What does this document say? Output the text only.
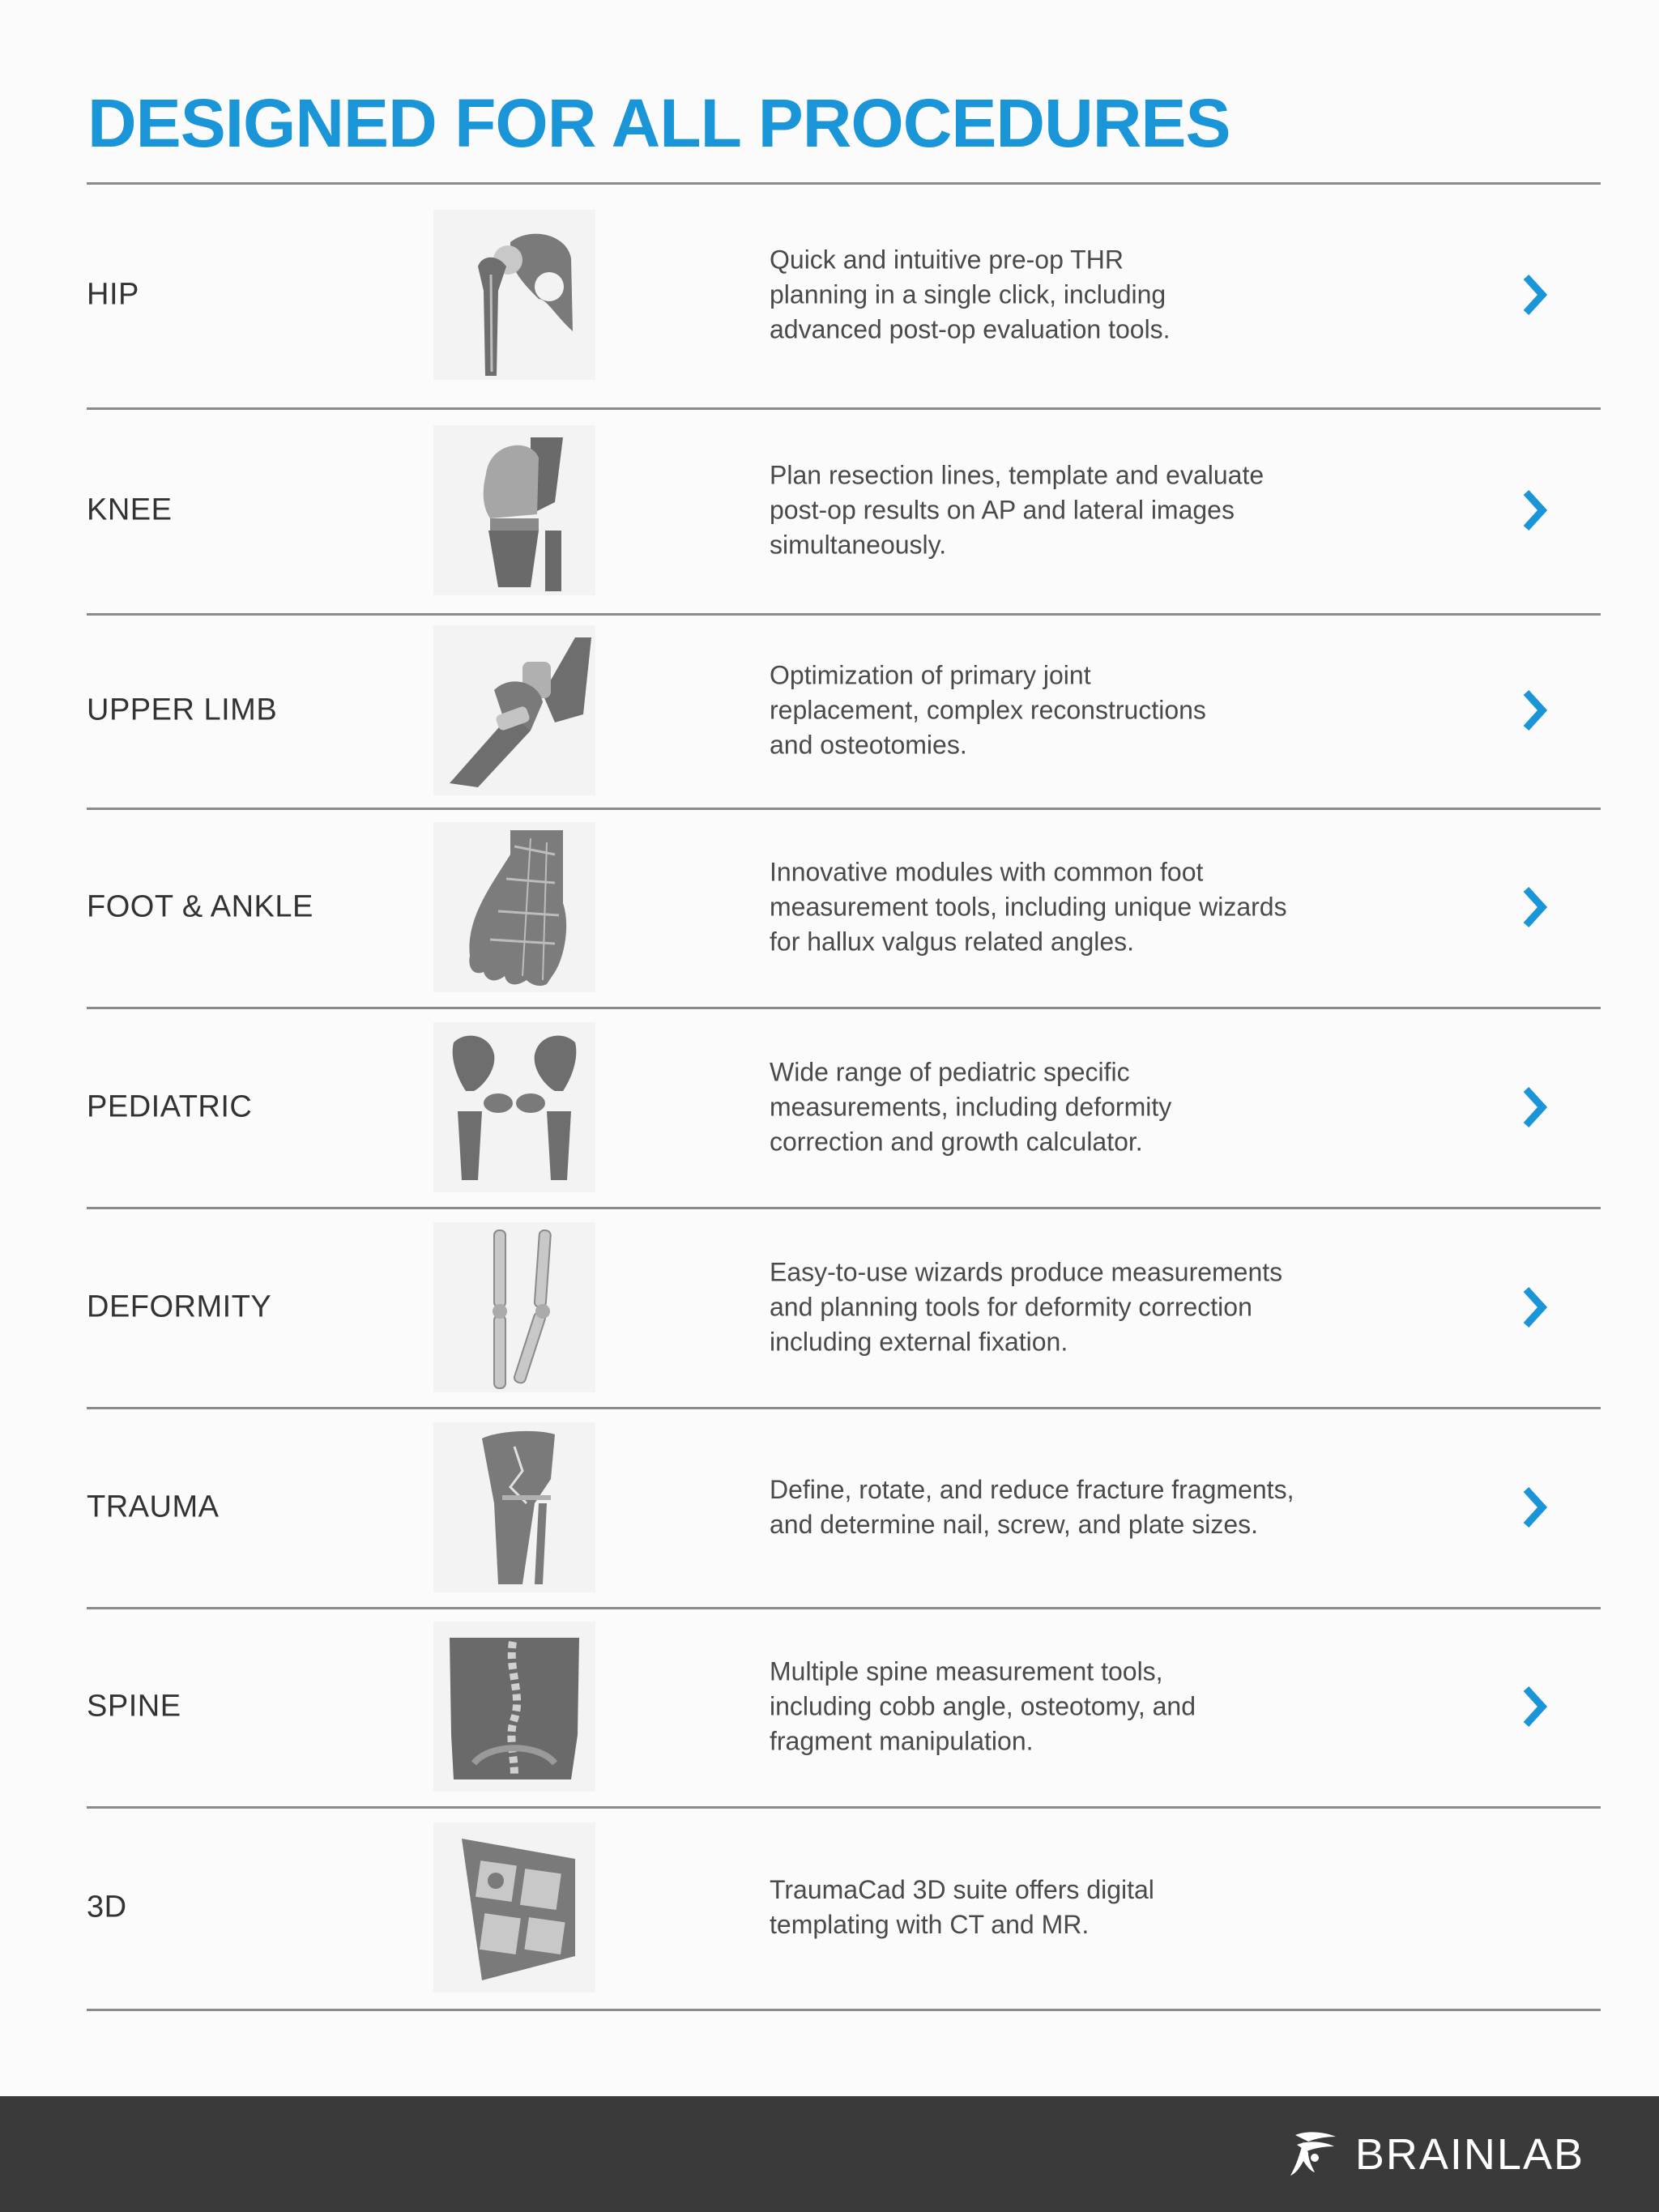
DESIGNED FOR ALL PROCEDURES
HIP
Quick and intuitive pre-op THR
planning in a single click, including
advanced post-op evaluation tools.
KNEE
Plan resection lines, template and evaluate
post-op results on AP and lateral images
simultaneously.
UPPER LIMB
Optimization of primary joint
replacement, complex reconstructions
and osteotomies.
FOOT & ANKLE
Innovative modules with common foot
measurement tools, including unique wizards
for hallux valgus related angles.
PEDIATRIC
Wide range of pediatric specific
measurements, including deformity
correction and growth calculator.
DEFORMITY
Easy-to-use wizards produce measurements
and planning tools for deformity correction
including external fixation.
TRAUMA
Define, rotate, and reduce fracture fragments,
and determine nail, screw, and plate sizes.
SPINE
Multiple spine measurement tools,
including cobb angle, osteotomy, and
fragment manipulation.
3D
TraumaCad 3D suite offers digital
templating with CT and MR.
BRAINLAB
